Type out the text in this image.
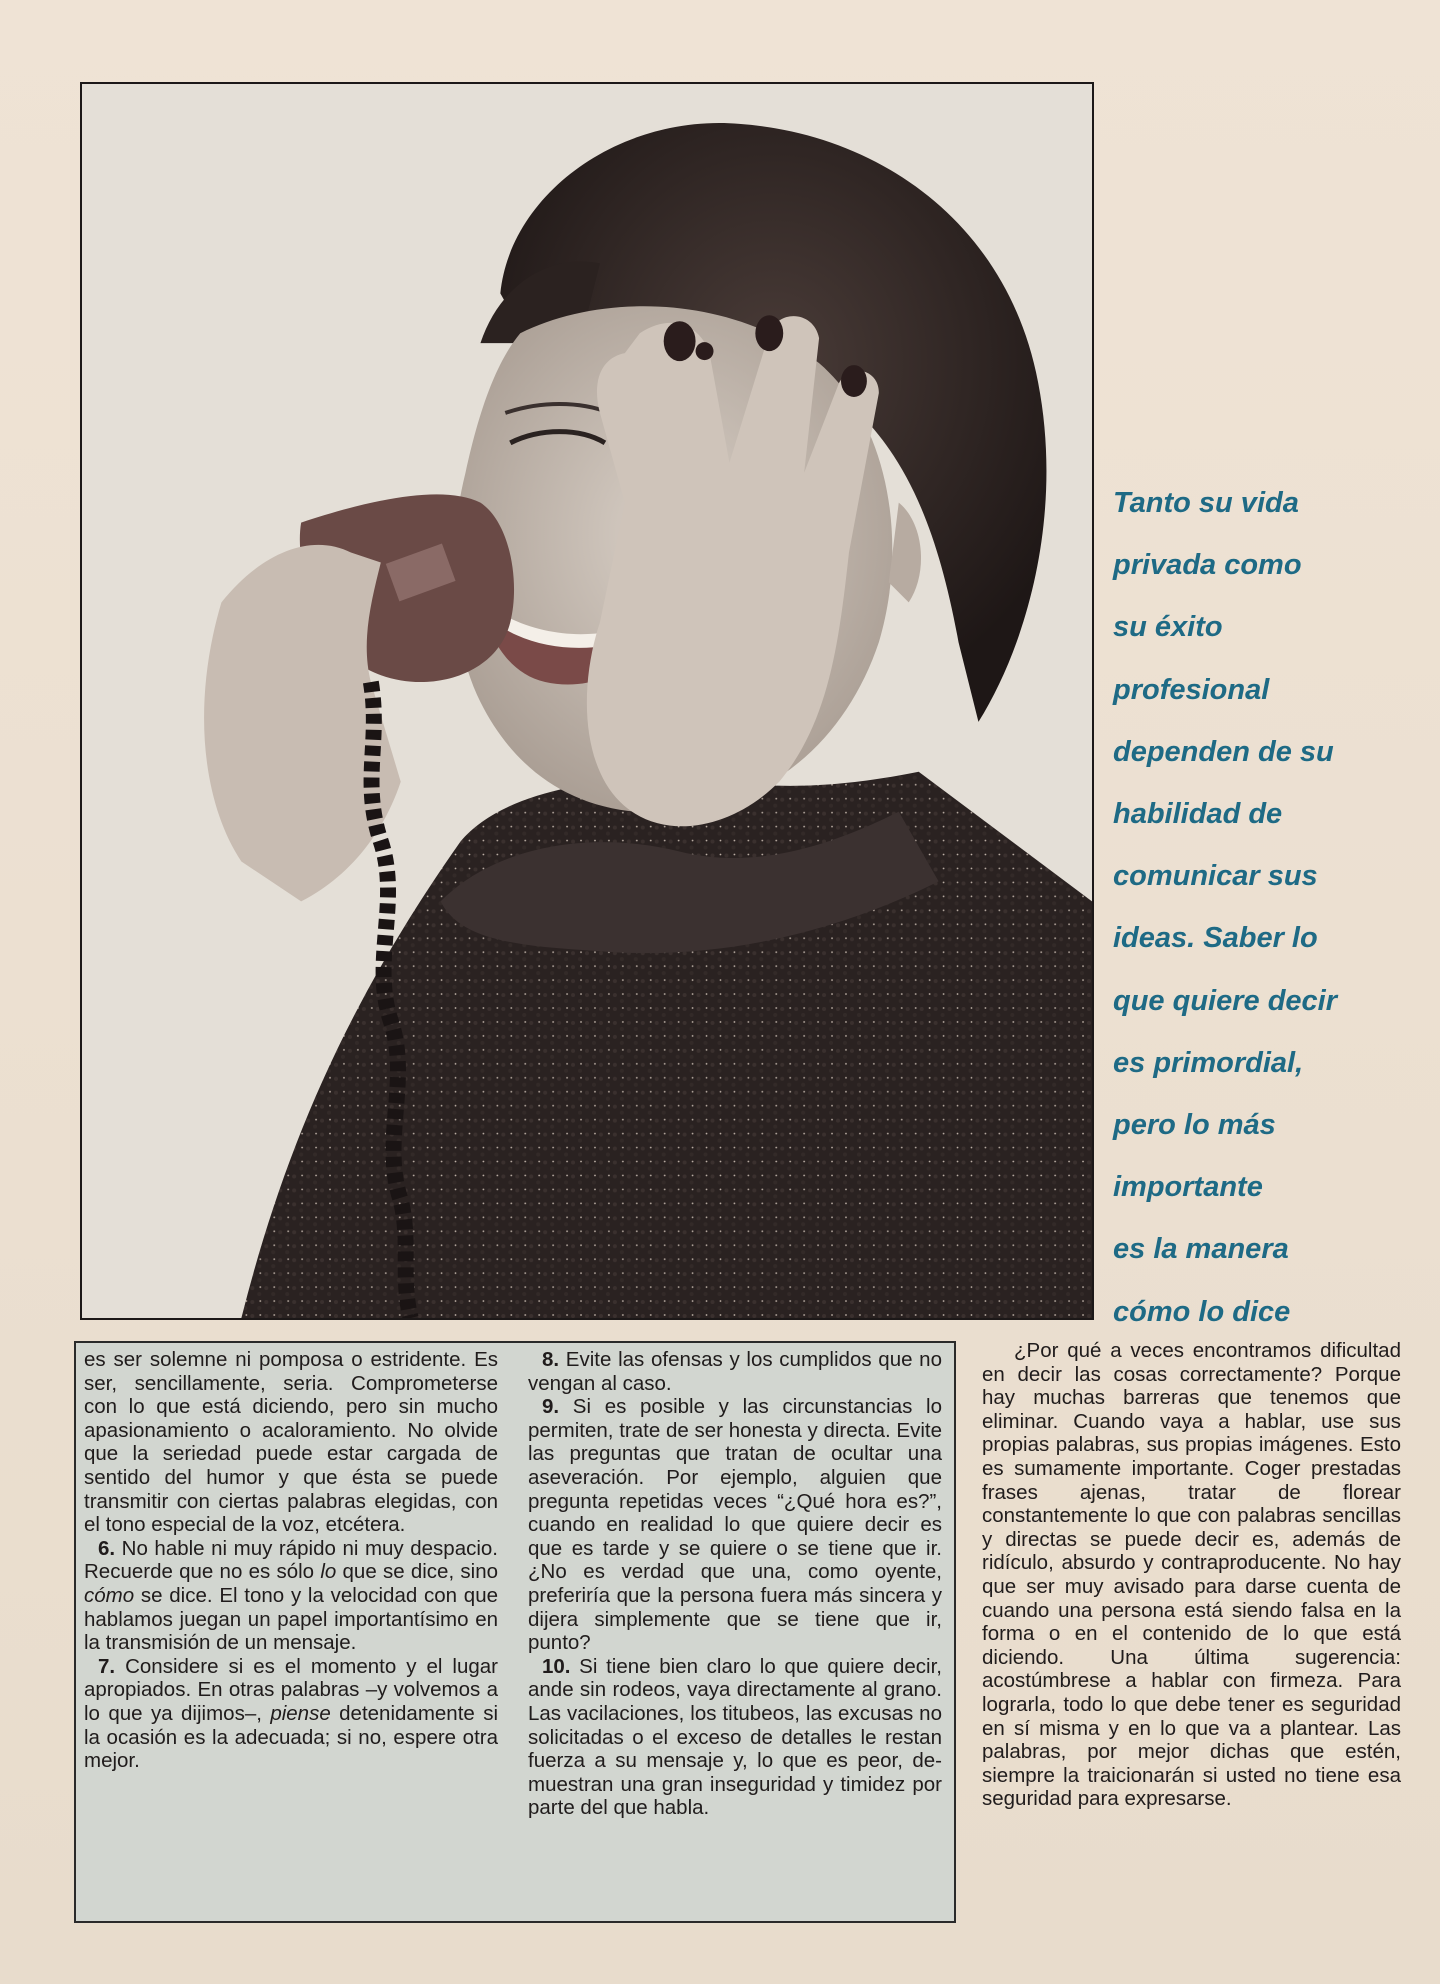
Tanto su vida
privada como
su éxito
profesional
dependen de su
habilidad de
comunicar sus
ideas. Saber lo
que quiere decir
es primordial,
pero lo más
importante
es la manera
cómo lo dice

es ser solemne ni pomposa o estridente. Es ser, sencillamente, seria. Comprometerse con lo que está diciendo, pero sin mucho apasionamiento o acaloramiento. No olvide que la seriedad puede estar cargada de sentido del humor y que ésta se puede transmitir con ciertas palabras elegidas, con el tono especial de la voz, etcétera.

6. No hable ni muy rápido ni muy despacio. Recuerde que no es sólo lo que se dice, sino cómo se dice. El tono y la velocidad con que hablamos juegan un papel importantísimo en la transmisión de un mensaje.

7. Considere si es el momento y el lugar apropiados. En otras palabras –y volvemos a lo que ya dijimos–, piense detenidamente si la ocasión es la adecuada; si no, espere otra mejor.

8. Evite las ofensas y los cumplidos que no vengan al caso.

9. Si es posible y las circunstancias lo permiten, trate de ser honesta y directa. Evite las preguntas que tratan de ocultar una aseveración. Por ejemplo, alguien que pregunta repetidas veces “¿Qué hora es?”, cuando en realidad lo que quiere decir es que es tarde y se quiere o se tiene que ir. ¿No es verdad que una, como oyente, preferiría que la persona fuera más sincera y dijera simplemente que se tiene que ir, punto?

10. Si tiene bien claro lo que quiere decir, ande sin rodeos, vaya directamente al grano. Las vacilaciones, los titubeos, las excusas no solicitadas o el exceso de detalles le restan fuerza a su mensaje y, lo que es peor, demuestran una gran inseguridad y timidez por parte del que habla.

¿Por qué a veces encontramos dificultad en decir las cosas correctamente? Porque hay muchas barreras que tenemos que eliminar. Cuando vaya a hablar, use sus propias palabras, sus propias imágenes. Esto es sumamente importante. Coger prestadas frases ajenas, tratar de florear constantemente lo que con palabras sencillas y directas se puede decir es, además de ridículo, absurdo y contraproducente. No hay que ser muy avisado para darse cuenta de cuando una persona está siendo falsa en la forma o en el contenido de lo que está diciendo. Una última sugerencia: acostúmbrese a hablar con firmeza. Para lograrla, todo lo que debe tener es seguridad en sí misma y en lo que va a plantear. Las palabras, por mejor dichas que estén, siempre la traicionarán si usted no tiene esa seguridad para expresarse.
